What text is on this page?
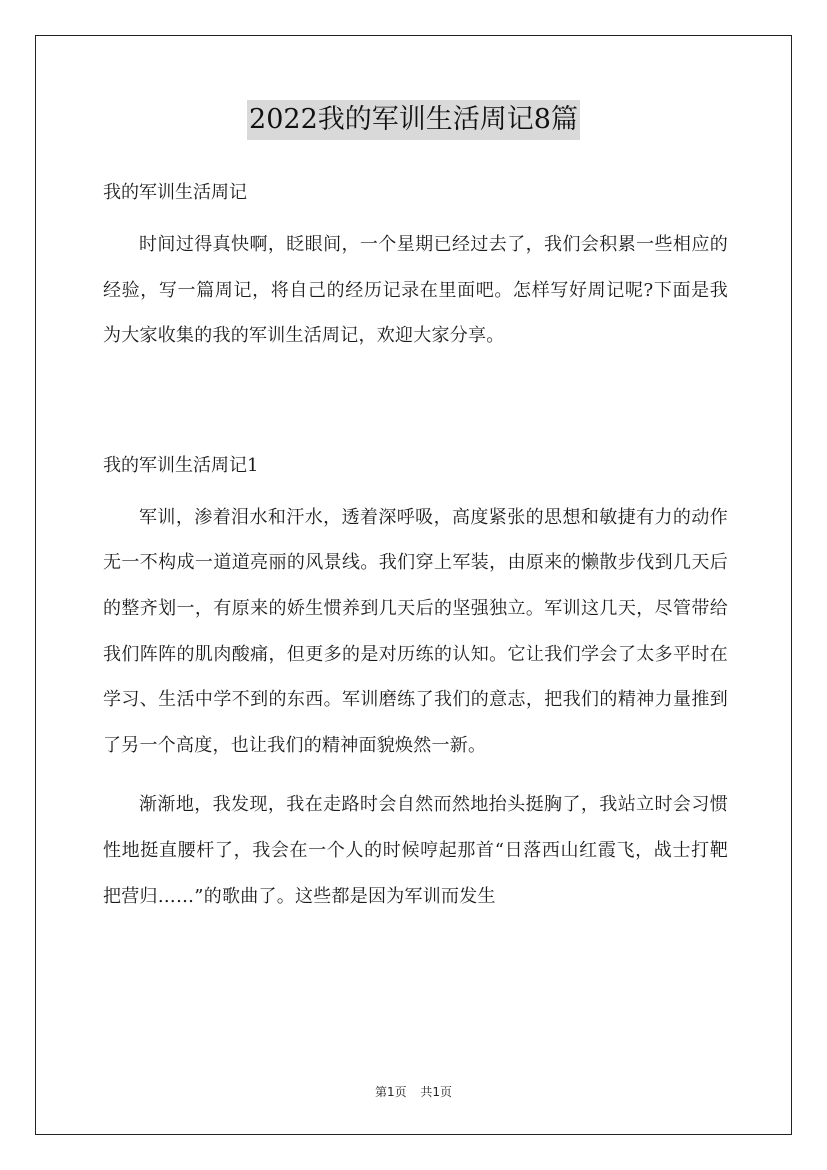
2022我的军训生活周记8篇

我的军训生活周记

时间过得真快啊，眨眼间，一个星期已经过去了，我们会积累一些相应的经验，写一篇周记，将自己的经历记录在里面吧。怎样写好周记呢?下面是我为大家收集的我的军训生活周记，欢迎大家分享。

我的军训生活周记1

军训，渗着泪水和汗水，透着深呼吸，高度紧张的思想和敏捷有力的动作无一不构成一道道亮丽的风景线。我们穿上军装，由原来的懒散步伐到几天后的整齐划一，有原来的娇生惯养到几天后的坚强独立。军训这几天，尽管带给我们阵阵的肌肉酸痛，但更多的是对历练的认知。它让我们学会了太多平时在学习、生活中学不到的东西。军训磨练了我们的意志，把我们的精神力量推到了另一个高度，也让我们的精神面貌焕然一新。

渐渐地，我发现，我在走路时会自然而然地抬头挺胸了，我站立时会习惯性地挺直腰杆了，我会在一个人的时候哼起那首“日落西山红霞飞，战士打靶把营归……”的歌曲了。这些都是因为军训而发生

第1页 共1页
